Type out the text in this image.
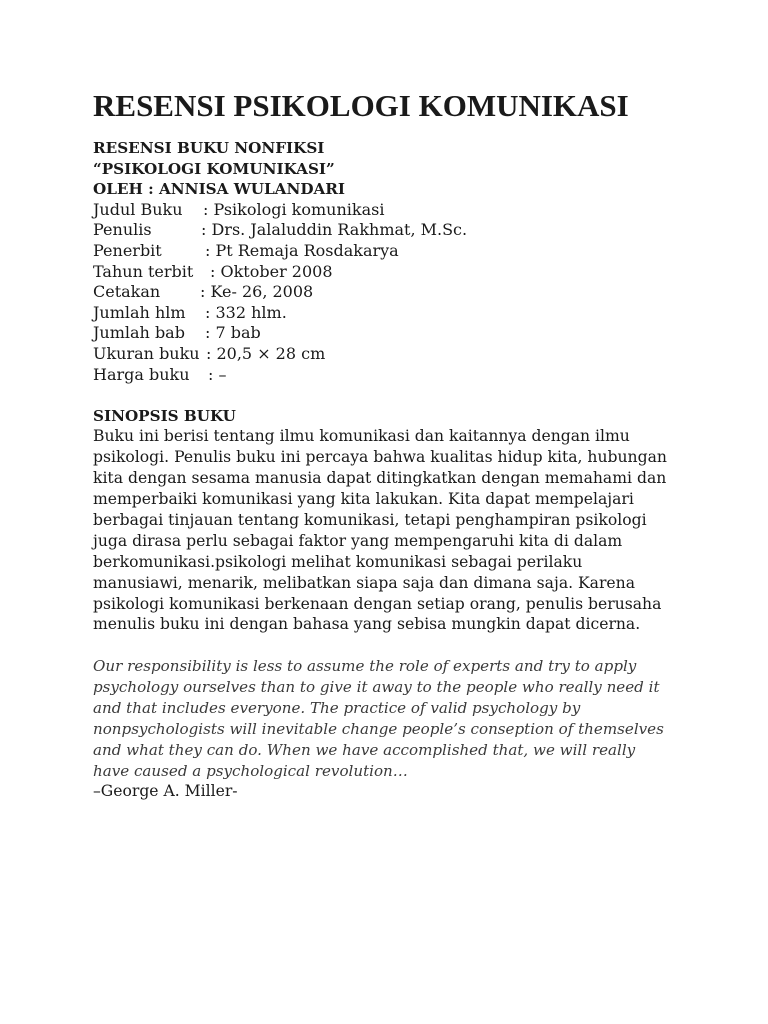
RESENSI PSIKOLOGI KOMUNIKASI

RESENSI BUKU NONFIKSI

“PSIKOLOGI KOMUNIKASI”

OLEH : ANNISA WULANDARI

Judul Buku	: Psikologi komunikasi
Penulis	: Drs. Jalaluddin Rakhmat, M.Sc.
Penerbit	: Pt Remaja Rosdakarya
Tahun terbit	: Oktober 2008
Cetakan	: Ke- 26, 2008
Jumlah hlm	: 332 hlm.
Jumlah bab	: 7 bab
Ukuran buku : 20,5 × 28 cm
Harga buku	: –

SINOPSIS BUKU

Buku ini berisi tentang ilmu komunikasi dan kaitannya dengan ilmu
psikologi. Penulis buku ini percaya bahwa kualitas hidup kita, hubungan
kita dengan sesama manusia dapat ditingkatkan dengan memahami dan
memperbaiki komunikasi yang kita lakukan. Kita dapat mempelajari
berbagai tinjauan tentang komunikasi, tetapi penghampiran psikologi
juga dirasa perlu sebagai faktor yang mempengaruhi kita di dalam
berkomunikasi.psikologi melihat komunikasi sebagai perilaku
manusiawi, menarik, melibatkan siapa saja dan dimana saja. Karena
psikologi komunikasi berkenaan dengan setiap orang, penulis berusaha
menulis buku ini dengan bahasa yang sebisa mungkin dapat dicerna.
Our responsibility is less to assume the role of experts and try to apply
psychology ourselves than to give it away to the people who really need it
and that includes everyone. The practice of valid psychology by
nonpsychologists will inevitable change people’s conseption of themselves
and what they can do. When we have accomplished that, we will really
have caused a psychological revolution…

–George A. Miller-
